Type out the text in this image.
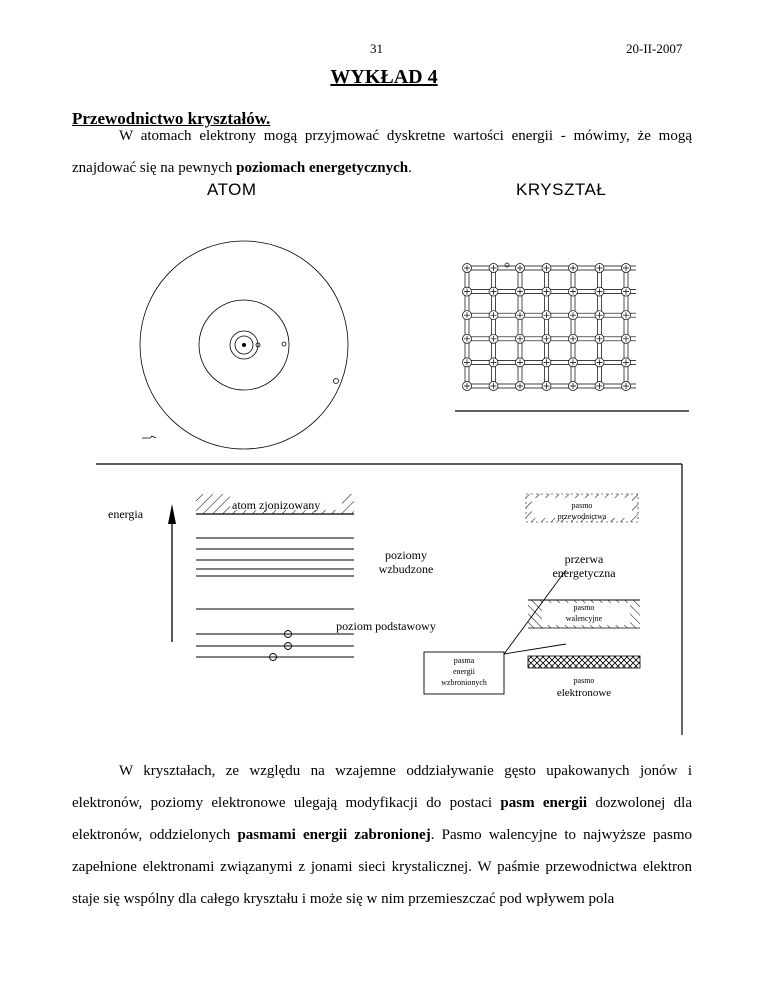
31	20-II-2007
WYKŁAD 4
Przewodnictwo kryształów.
W atomach elektrony mogą przyjmować dyskretne wartości energii - mówimy, że mogą
znajdować się na pewnych poziomach energetycznych.
ATOM	KRYSZTAŁ
energia
atom zjonizowany
poziomy
wzbudzone
poziom podstawowy
pasma
energii
wzbronionych
pasmo
przewodnictwa
przerwa
energetyczna
pasmo
walencyjne
pasmo
elektronowe
W kryształach, ze względu na wzajemne oddziaływanie gęsto upakowanych jonów i
elektronów, poziomy elektronowe ulegają modyfikacji do postaci pasm energii dozwolonej dla
elektronów, oddzielonych pasmami energii zabronionej. Pasmo walencyjne to najwyższe pasmo
zapełnione elektronami związanymi z jonami sieci krystalicznej. W paśmie przewodnictwa elektron
staje się wspólny dla całego kryształu i może się w nim przemieszczać pod wpływem pola
